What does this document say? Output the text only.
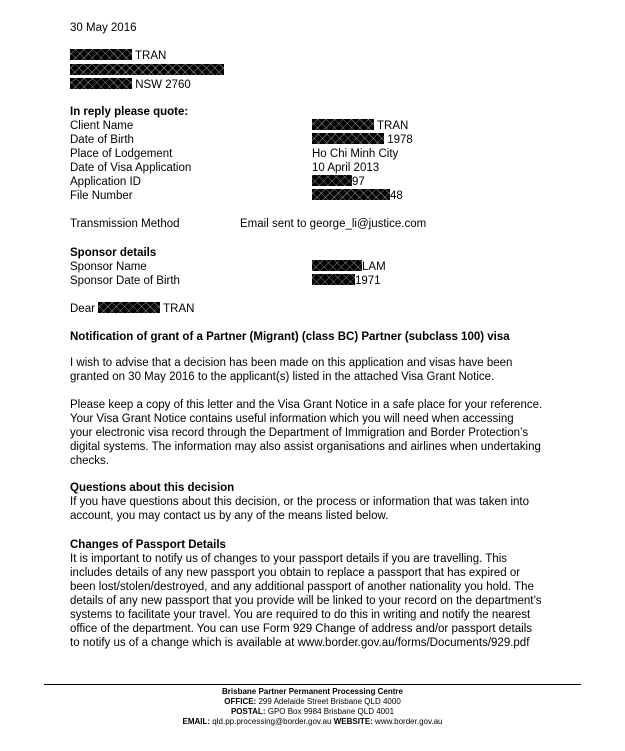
30 May 2016
TRAN
NSW 2760
In reply please quote:
Client Name	TRAN
Date of Birth	1978
Place of Lodgement	Ho Chi Minh City
Date of Visa Application	10 April 2013
Application ID	97
File Number	48
Transmission Method	Email sent to george_li@justice.com
Sponsor details
Sponsor Name	LAM
Sponsor Date of Birth	1971
Dear	TRAN
Notification of grant of a Partner (Migrant) (class BC) Partner (subclass 100) visa
I wish to advise that a decision has been made on this application and visas have been
granted on 30 May 2016 to the applicant(s) listed in the attached Visa Grant Notice.
Please keep a copy of this letter and the Visa Grant Notice in a safe place for your reference.
Your Visa Grant Notice contains useful information which you will need when accessing
your electronic visa record through the Department of Immigration and Border Protection’s
digital systems. The information may also assist organisations and airlines when undertaking
checks.
Questions about this decision
If you have questions about this decision, or the process or information that was taken into
account, you may contact us by any of the means listed below.
Changes of Passport Details
It is important to notify us of changes to your passport details if you are travelling. This
includes details of any new passport you obtain to replace a passport that has expired or
been lost/stolen/destroyed, and any additional passport of another nationality you hold. The
details of any new passport that you provide will be linked to your record on the department’s
systems to facilitate your travel. You are required to do this in writing and notify the nearest
office of the department. You can use Form 929 Change of address and/or passport details
to notify us of a change which is available at www.border.gov.au/forms/Documents/929.pdf
Brisbane Partner Permanent Processing Centre
OFFICE: 299 Adelaide Street Brisbane QLD 4000
POSTAL: GPO Box 9984 Brisbane QLD 4001
EMAIL: qld.pp.processing@border.gov.au WEBSITE: www.border.gov.au
